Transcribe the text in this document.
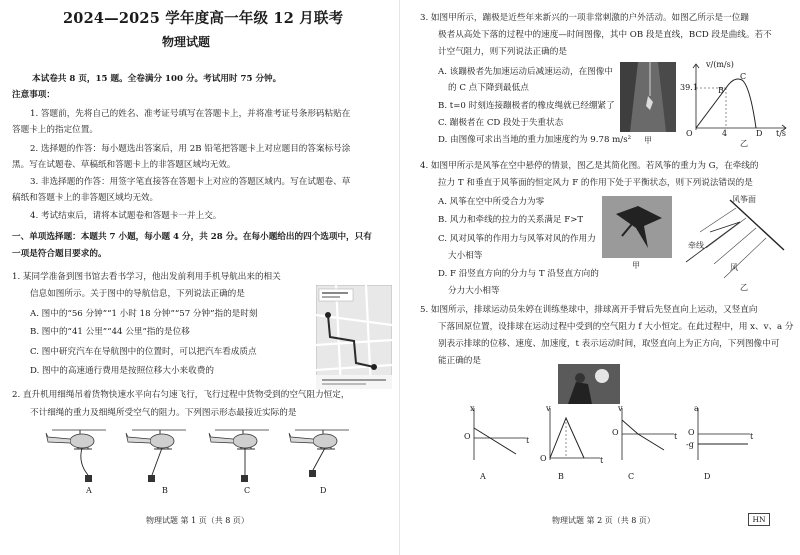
2024—2025 学年度高一年级 12 月联考
物理试题
本试卷共 8 页，15 题。全卷满分 100 分。考试用时 75 分钟。
注意事项：
1. 答题前，先将自己的姓名、准考证号填写在答题卡上，并将准考证号条形码粘贴在
答题卡上的指定位置。
2. 选择题的作答：每小题选出答案后，用 2B 铅笔把答题卡上对应题目的答案标号涂
黑。写在试题卷、草稿纸和答题卡上的非答题区域均无效。
3. 非选择题的作答：用签字笔直接答在答题卡上对应的答题区域内。写在试题卷、草
稿纸和答题卡上的非答题区域均无效。
4. 考试结束后，请将本试题卷和答题卡一并上交。
一、单项选择题：本题共 7 小题，每小题 4 分，共 28 分。在每小题给出的四个选项中，只有
一项是符合题目要求的。
1. 某同学准备到图书馆去看书学习，他出发前利用手机导航出来的相关
信息如图所示。关于图中的导航信息，下列说法正确的是
A. 图中的“56 分钟”“1 小时 18 分钟”“57 分钟”指的是时刻
B. 图中的“41 公里”“44 公里”指的是位移
C. 图中研究汽车在导航图中的位置时，可以把汽车看成质点
D. 图中的高速通行费用是按照位移大小来收费的
2. 直升机用细绳吊着货物快速水平向右匀速飞行，飞行过程中货物受到的空气阻力恒定，
不计细绳的重力及细绳所受空气的阻力。下列图示形态最接近实际的是
A	B	C	D
物理试题 第 1 页（共 8 页）
3. 如图甲所示，蹦极是近些年来新兴的一项非常刺激的户外活动。如图乙所示是一位蹦
极者从高处下落的过程中的速度—时间图像，其中 OB 段是直线，BCD 段是曲线。若不
计空气阻力，则下列说法正确的是
A. 该蹦极者先加速运动后减速运动，在图像中
的 C 点下降到最低点
B. t=0 时刻连接蹦极者的橡皮绳就已经绷紧了
C. 蹦极者在 CD 段处于失重状态
D. 由图像可求出当地的重力加速度约为 9.78 m/s² 甲
v/(m/s)
39.1
4
O	t/s
B
C
D
乙
4. 如图甲所示是风筝在空中悬停的情景，图乙是其简化图。若风筝的重力为 G，在牵线的
拉力 T 和垂直于风筝面的恒定风力 F 的作用下处于平衡状态，则下列说法错误的是
A. 风筝在空中所受合力为零
B. 风力和牵线的拉力的关系满足 F>T
C. 风对风筝的作用力与风筝对风的作用力
大小相等
D. F 沿竖直方向的分力与 T 沿竖直方向的
分力大小相等
甲
风筝面
牵线
风
乙
5. 如图所示，排球运动员朱婷在训练垫球中，排球离开手臂后先竖直向上运动，又竖直向
下落回原位置，设排球在运动过程中受到的空气阻力 f 大小恒定。在此过程中，用 x、v、a 分
别表示排球的位移、速度、加速度，t 表示运动时间，取竖直向上为正方向，下列图像中可
能正确的是
x	v	v	a
O
O
O	O
-g
t
t
t	t
A	B	C	D
物理试题 第 2 页（共 8 页）	HN
